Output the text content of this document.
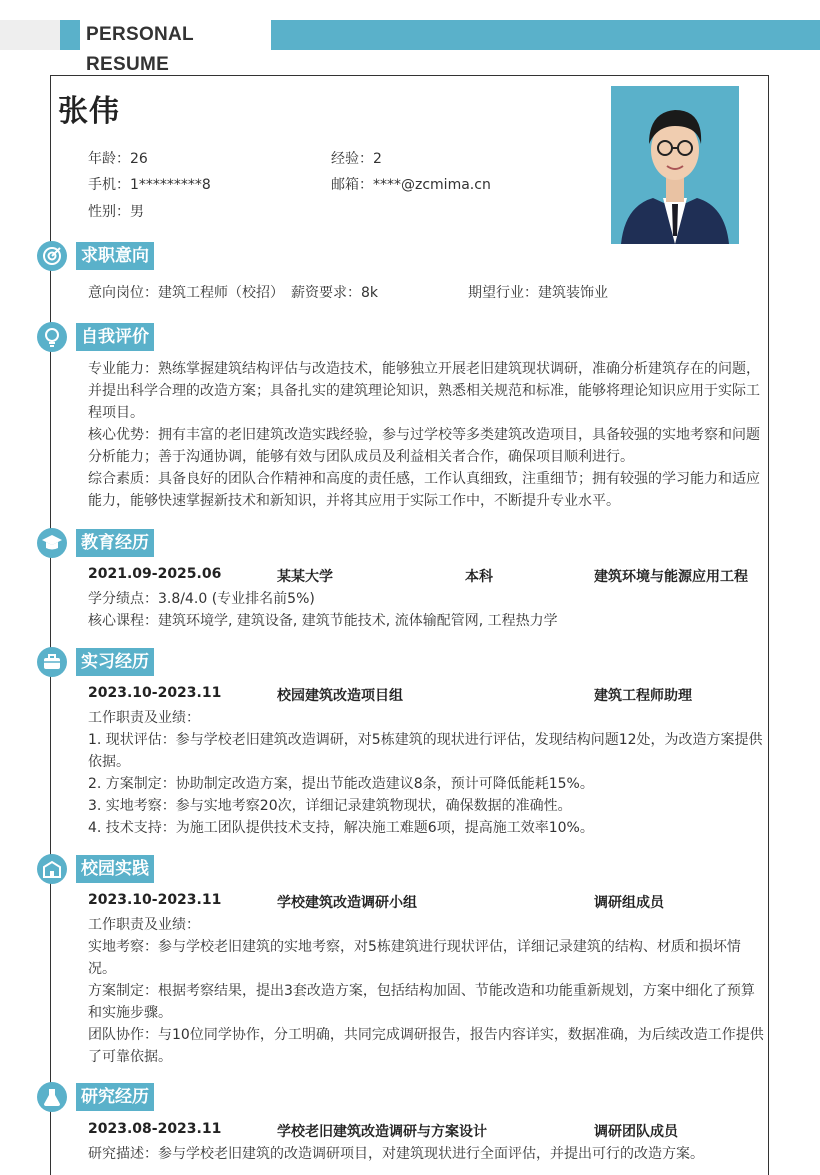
PERSONAL RESUME
张伟
年龄：26	经验：2
手机：1*********8	邮箱：****@zcmima.cn
性别：男
求职意向
意向岗位：建筑工程师（校招） 薪资要求：8k	期望行业：建筑装饰业
自我评价
专业能力：熟练掌握建筑结构评估与改造技术，能够独立开展老旧建筑现状调研，准确分析建筑存在的问题，
并提出科学合理的改造方案；具备扎实的建筑理论知识，熟悉相关规范和标准，能够将理论知识应用于实际工
程项目。
核心优势：拥有丰富的老旧建筑改造实践经验，参与过学校等多类建筑改造项目，具备较强的实地考察和问题
分析能力；善于沟通协调，能够有效与团队成员及利益相关者合作，确保项目顺利进行。
综合素质：具备良好的团队合作精神和高度的责任感，工作认真细致，注重细节；拥有较强的学习能力和适应
能力，能够快速掌握新技术和新知识，并将其应用于实际工作中，不断提升专业水平。
教育经历
2021.09-2025.06	某某大学	本科	建筑环境与能源应用工程
学分绩点：3.8/4.0 (专业排名前5%)
核心课程：建筑环境学, 建筑设备, 建筑节能技术, 流体输配管网, 工程热力学
实习经历
2023.10-2023.11	校园建筑改造项目组	建筑工程师助理
工作职责及业绩：
1. 现状评估：参与学校老旧建筑改造调研，对5栋建筑的现状进行评估，发现结构问题12处，为改造方案提供
依据。
2. 方案制定：协助制定改造方案，提出节能改造建议8条，预计可降低能耗15%。
3. 实地考察：参与实地考察20次，详细记录建筑物现状，确保数据的准确性。
4. 技术支持：为施工团队提供技术支持，解决施工难题6项，提高施工效率10%。
校园实践
2023.10-2023.11	学校建筑改造调研小组	调研组成员
工作职责及业绩：
实地考察：参与学校老旧建筑的实地考察，对5栋建筑进行现状评估，详细记录建筑的结构、材质和损坏情
况。
方案制定：根据考察结果，提出3套改造方案，包括结构加固、节能改造和功能重新规划，方案中细化了预算
和实施步骤。
团队协作：与10位同学协作，分工明确，共同完成调研报告，报告内容详实，数据准确，为后续改造工作提供
了可靠依据。
研究经历
2023.08-2023.11	学校老旧建筑改造调研与方案设计	调研团队成员
研究描述：参与学校老旧建筑的改造调研项目，对建筑现状进行全面评估，并提出可行的改造方案。
